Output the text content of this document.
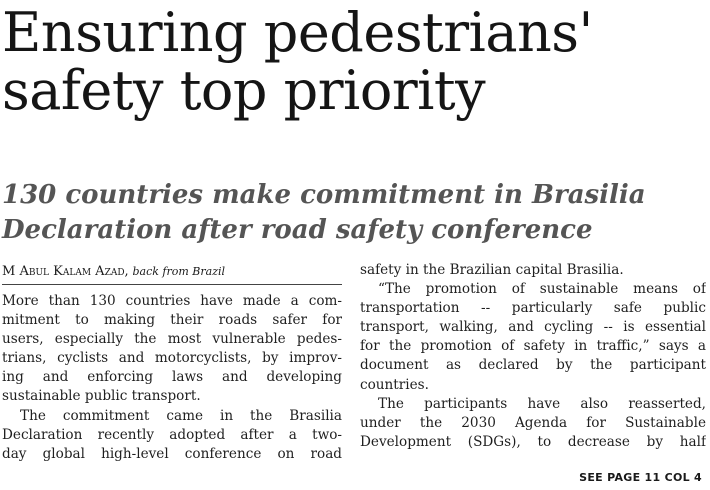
Ensuring pedestrians'
safety top priority
130 countries make commitment in Brasilia
Declaration after road safety conference
M Abul Kalam Azad, back from Brazil
More than 130 countries have made a com-
mitment to making their roads safer for
users, especially the most vulnerable pedes-
trians, cyclists and motorcyclists, by improv-
ing and enforcing laws and developing
sustainable public transport.
The commitment came in the Brasilia
Declaration recently adopted after a two-
day global high-level conference on road
safety in the Brazilian capital Brasilia.
“The promotion of sustainable means of
transportation -- particularly safe public
transport, walking, and cycling -- is essential
for the promotion of safety in traffic,” says a
document as declared by the participant
countries.
The participants have also reasserted,
under the 2030 Agenda for Sustainable
Development (SDGs), to decrease by half
SEE PAGE 11 COL 4
